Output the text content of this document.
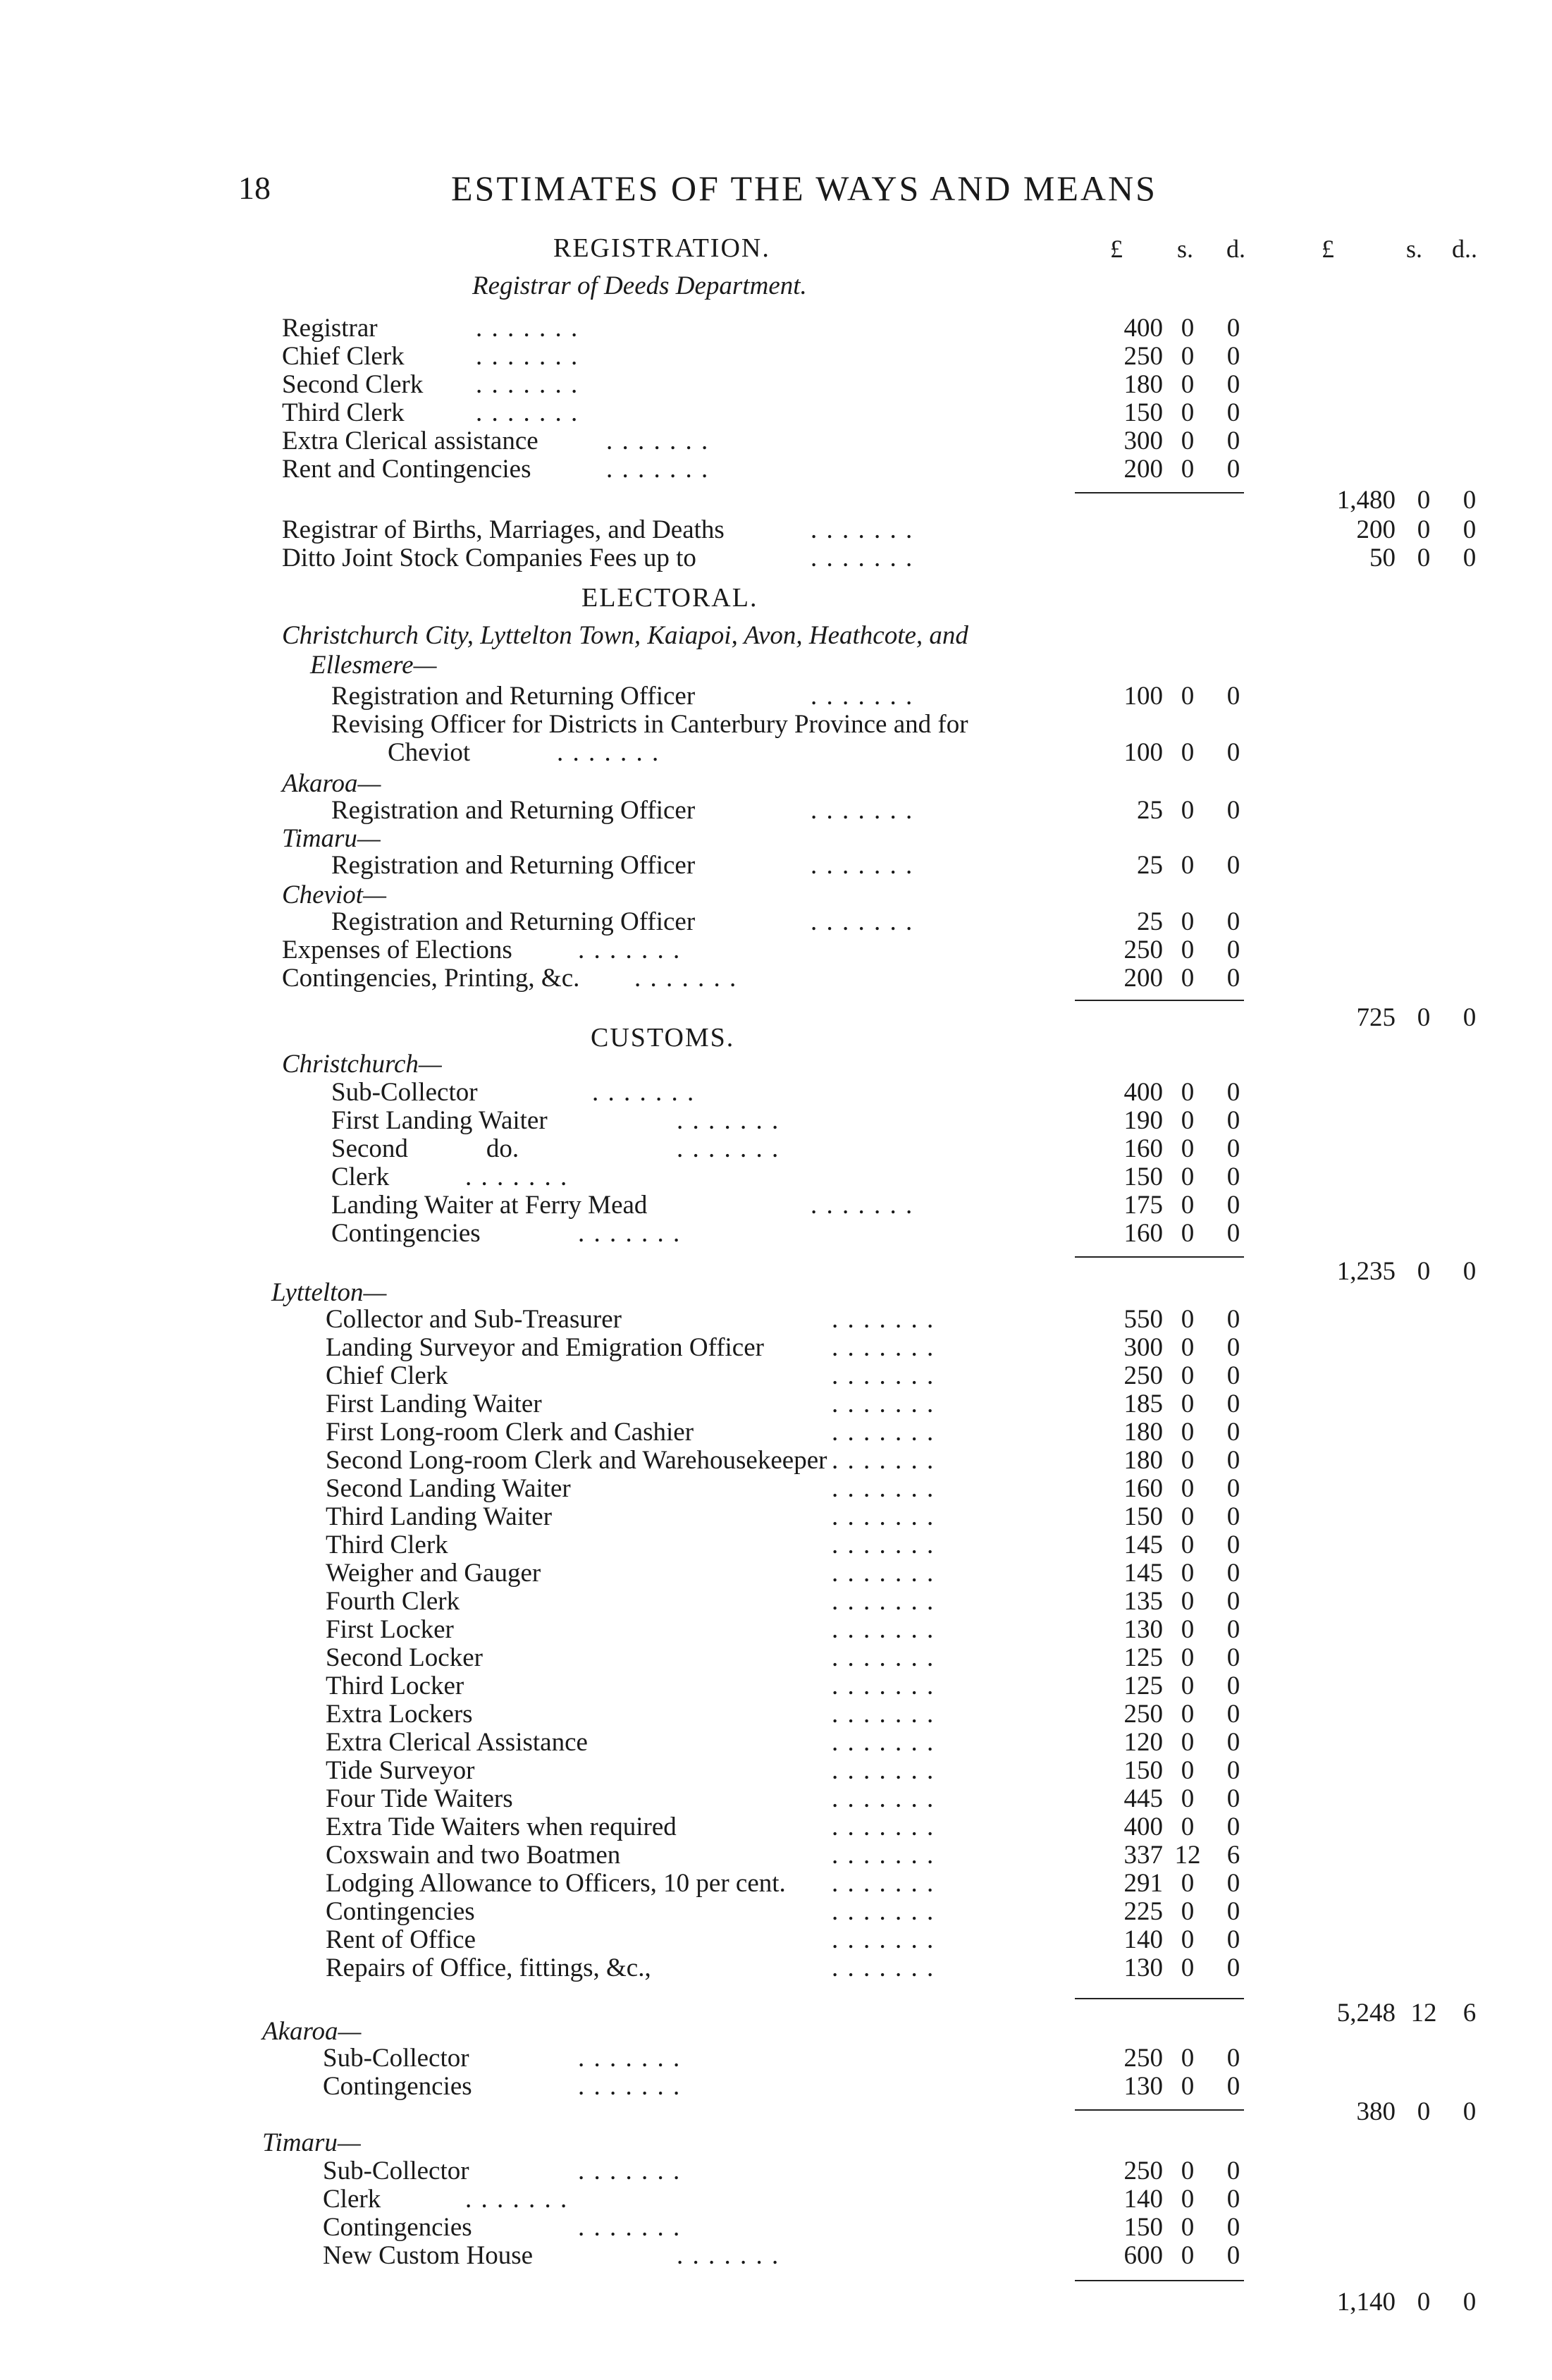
18	ESTIMATES OF THE WAYS AND MEANS
REGISTRATION.	£ s. d.	£	s. d..
Registrar of Deeds Department.
Registrar .	400 0	0
Chief Clerk .	250 0	0
Second Clerk .	180 0	0
Third Clerk .	150 0	0
Extra Clerical assistance .	300 0	0
Rent and Contingencies .	200 0	0
1,480 0	0
Registrar of Births, Marriages, and Deaths .	200 0	0
Ditto Joint Stock Companies Fees up to .	50 0	0
ELECTORAL.
Christchurch City, Lyttelton Town, Kaiapoi, Avon, Heathcote, and
Ellesmere—
Registration and Returning Officer .	100 0	0
Revising Officer for Districts in Canterbury Province and for
Cheviot .	100 0	0
Akaroa—
Registration and Returning Officer .	25 0	0
Timaru—
Registration and Returning Officer .	25 0	0
Cheviot—
Registration and Returning Officer .	25 0	0
Expenses of Elections .	250 0	0
Contingencies, Printing, &c. .	200 0	0
725 0	0
CUSTOMS.
Christchurch—
Sub-Collector .	400 0	0
First Landing Waiter .	190 0	0
Second            do. .	160 0	0
Clerk .	150 0	0
Landing Waiter at Ferry Mead .	175 0	0
Contingencies .	160 0	0
1,235 0	0
Lyttelton—
Collector and Sub-Treasurer .	550 0	0
Landing Surveyor and Emigration Officer .	300 0	0
Chief Clerk .	250 0	0
First Landing Waiter .	185 0	0
First Long-room Clerk and Cashier .	180 0	0
Second Long-room Clerk and Warehousekeeper .	180 0	0
Second Landing Waiter .	160 0	0
Third Landing Waiter .	150 0	0
Third Clerk .	145 0	0
Weigher and Gauger .	145 0	0
Fourth Clerk .	135 0	0
First Locker .	130 0	0
Second Locker .	125 0	0
Third Locker .	125 0	0
Extra Lockers .	250 0	0
Extra Clerical Assistance .	120 0	0
Tide Surveyor .	150 0	0
Four Tide Waiters .	445 0	0
Extra Tide Waiters when required .	400 0	0
Coxswain and two Boatmen .	337 12	6
Lodging Allowance to Officers, 10 per cent. .	291 0	0
Contingencies .	225 0	0
Rent of Office .	140 0	0
Repairs of Office, fittings, &c., .	130 0	0
5,248 12	6
Akaroa—
Sub-Collector .	250 0	0
Contingencies .	130 0	0
380 0	0
Timaru—
Sub-Collector .	250 0	0
Clerk .	140 0	0
Contingencies .	150 0	0
New Custom House .	600 0	0
1,140 0	0
